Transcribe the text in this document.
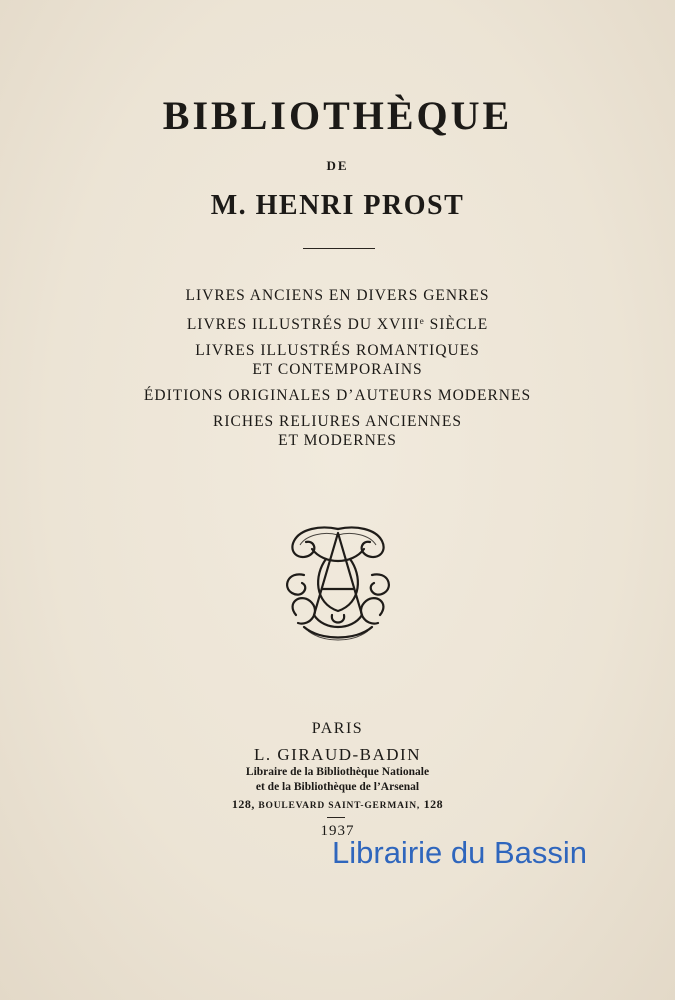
BIBLIOTHÈQUE
DE
M. HENRI PROST
LIVRES ANCIENS EN DIVERS GENRES
LIVRES ILLUSTRÉS DU XVIIIe SIÈCLE
LIVRES ILLUSTRÉS ROMANTIQUES
ET CONTEMPORAINS
ÉDITIONS ORIGINALES D’AUTEURS MODERNES
RICHES RELIURES ANCIENNES
ET MODERNES
PARIS
L. GIRAUD-BADIN
Libraire de la Bibliothèque Nationale
et de la Bibliothèque de l’Arsenal
128, BOULEVARD SAINT-GERMAIN, 128
1937
Librairie du Bassin
